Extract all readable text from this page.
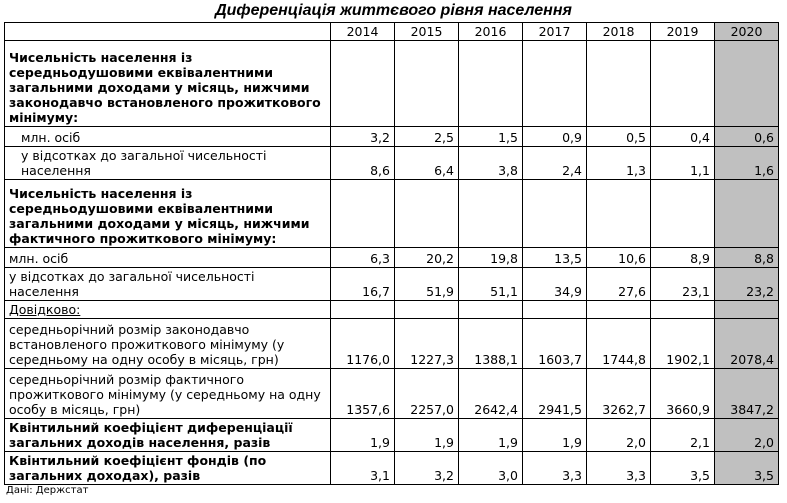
Диференціація життєвого рівня населення
	2014	2015	2016	2017	2018	2019	2020
Чисельність населення із середньодушовими еквівалентними загальними доходами у місяць, нижчими законодавчо встановленого прожиткового мінімуму:							
млн. осіб	3,2	2,5	1,5	0,9	0,5	0,4	0,6
у відсотках до загальної чисельності населення	8,6	6,4	3,8	2,4	1,3	1,1	1,6
Чисельність населення із середньодушовими еквівалентними загальними доходами у місяць, нижчими фактичного прожиткового мінімуму:							
млн. осіб	6,3	20,2	19,8	13,5	10,6	8,9	8,8
у відсотках до загальної чисельності населення	16,7	51,9	51,1	34,9	27,6	23,1	23,2
Довідково:							
середньорічний розмір законодавчо встановленого прожиткового мінімуму (у середньому на одну особу в місяць, грн)	1176,0	1227,3	1388,1	1603,7	1744,8	1902,1	2078,4
середньорічний розмір фактичного прожиткового мінімуму (у середньому на одну особу в місяць, грн)	1357,6	2257,0	2642,4	2941,5	3262,7	3660,9	3847,2
Квінтильний коефіцієнт диференціації загальних доходів населення, разів	1,9	1,9	1,9	1,9	2,0	2,1	2,0
Квінтильний коефіцієнт фондів (по загальних доходах), разів	3,1	3,2	3,0	3,3	3,3	3,5	3,5
Дані: Держстат
